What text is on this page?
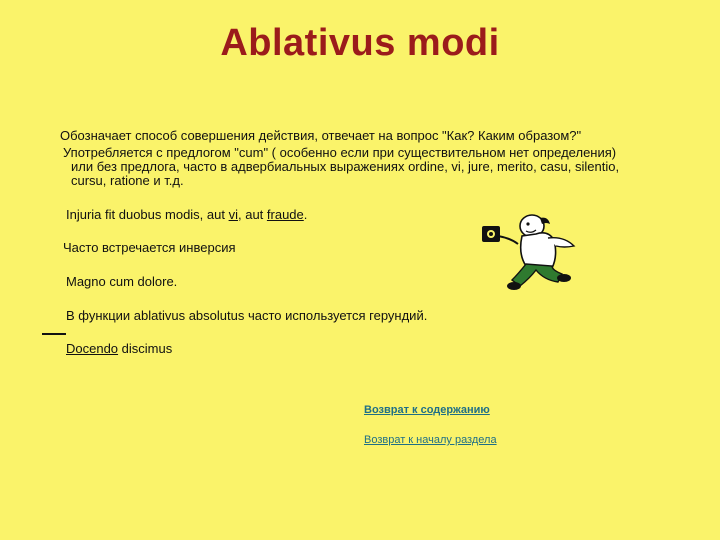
Ablativus modi
Обозначает способ совершения действия, отвечает на вопрос "Как? Каким образом?"
Употребляется с предлогом "cum" ( особенно если при существительном нет определения)
или без предлога, часто в адвербиальных выражениях ordine, vi, jure, merito, casu, silentio,
cursu, ratione и т.д.
Injuria fit duobus modis, aut vi, aut fraude.
Часто встречается инверсия
Magno cum dolore.
В функции ablativus absolutus часто используется герундий.
Docendo discimus
Возврат к содержанию
Возврат к началу раздела
